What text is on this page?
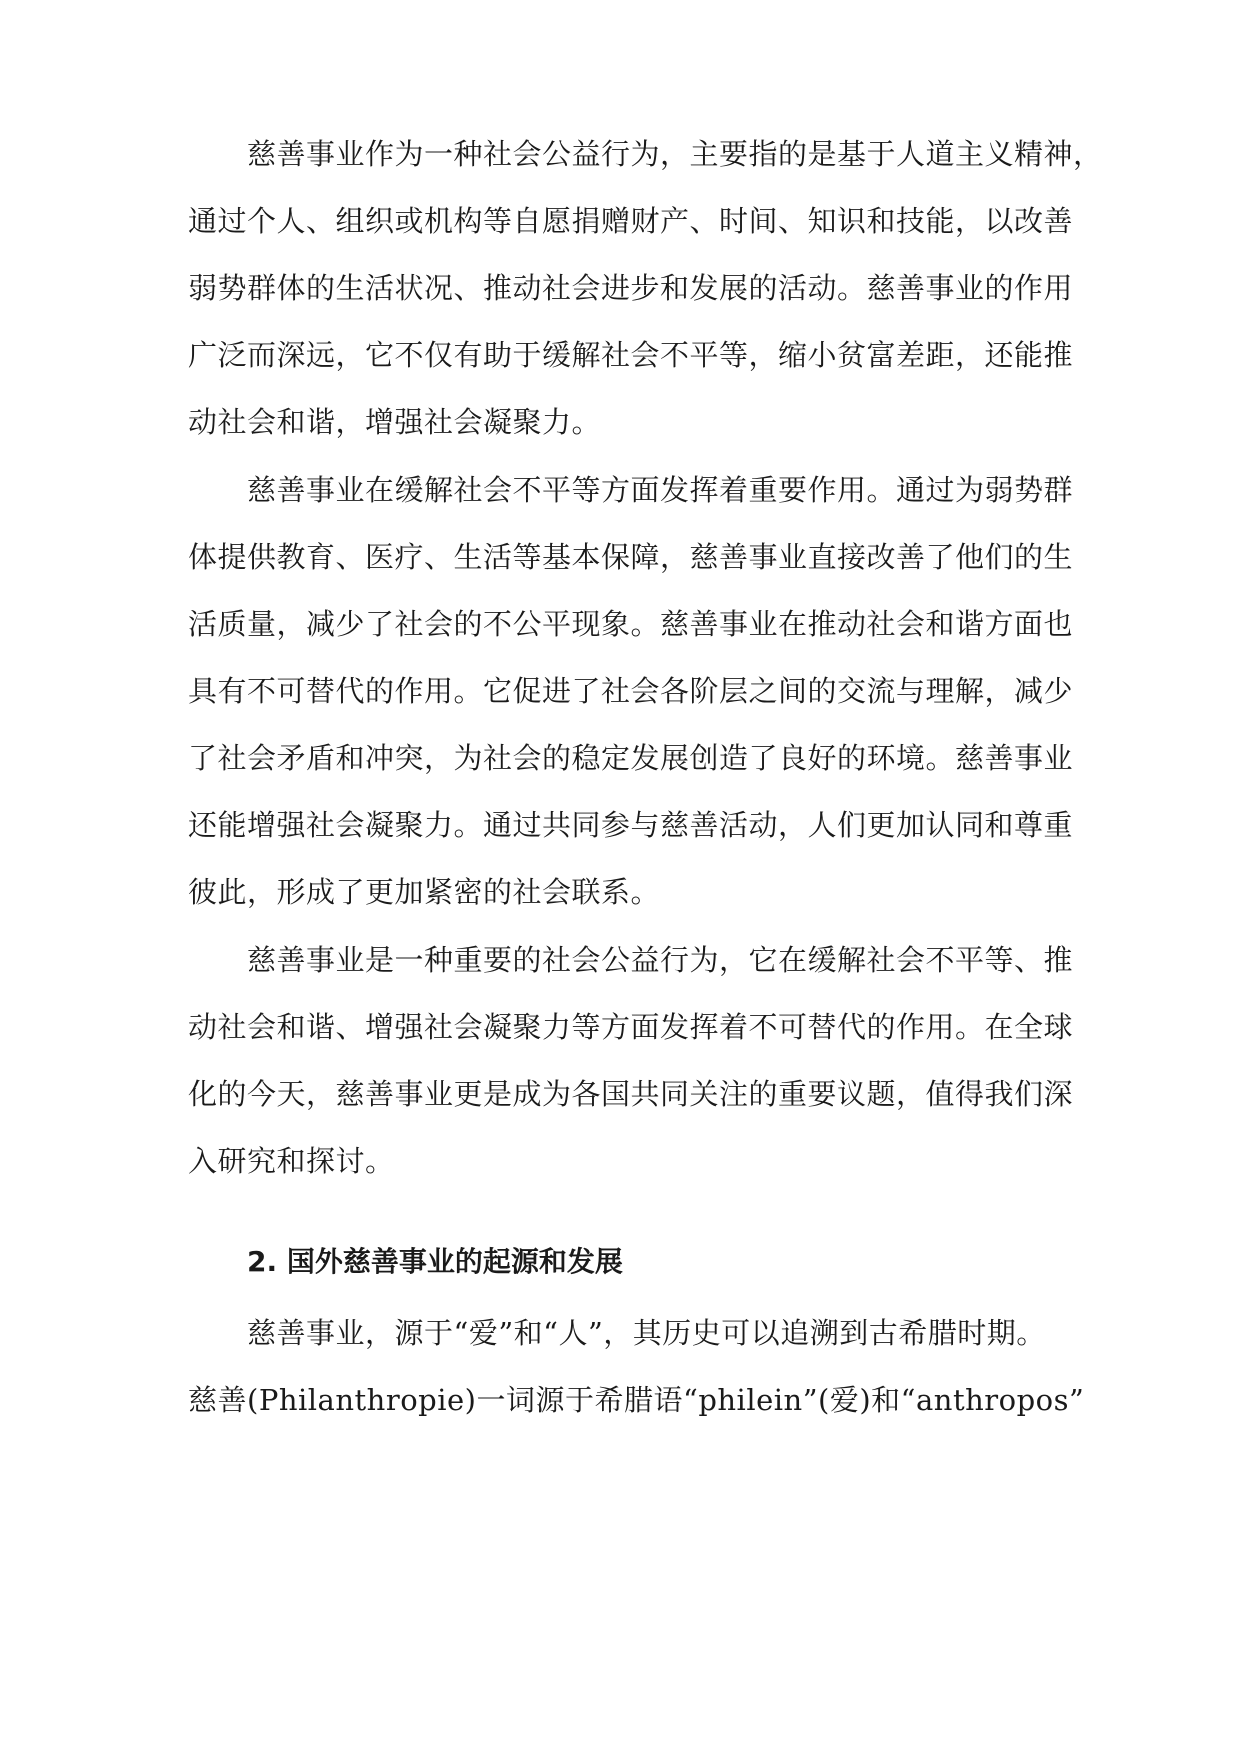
慈善事业作为一种社会公益行为，主要指的是基于人道主义精神，
通过个人、组织或机构等自愿捐赠财产、时间、知识和技能，以改善
弱势群体的生活状况、推动社会进步和发展的活动。慈善事业的作用
广泛而深远，它不仅有助于缓解社会不平等，缩小贫富差距，还能推
动社会和谐，增强社会凝聚力。
慈善事业在缓解社会不平等方面发挥着重要作用。通过为弱势群
体提供教育、医疗、生活等基本保障，慈善事业直接改善了他们的生
活质量，减少了社会的不公平现象。慈善事业在推动社会和谐方面也
具有不可替代的作用。它促进了社会各阶层之间的交流与理解，减少
了社会矛盾和冲突，为社会的稳定发展创造了良好的环境。慈善事业
还能增强社会凝聚力。通过共同参与慈善活动，人们更加认同和尊重
彼此，形成了更加紧密的社会联系。
慈善事业是一种重要的社会公益行为，它在缓解社会不平等、推
动社会和谐、增强社会凝聚力等方面发挥着不可替代的作用。在全球
化的今天，慈善事业更是成为各国共同关注的重要议题，值得我们深
入研究和探讨。
2. 国外慈善事业的起源和发展
慈善事业，源于“爱”和“人”，其历史可以追溯到古希腊时期。
慈善(Philanthropie)一词源于希腊语“philein”(爱)和“anthropos”
